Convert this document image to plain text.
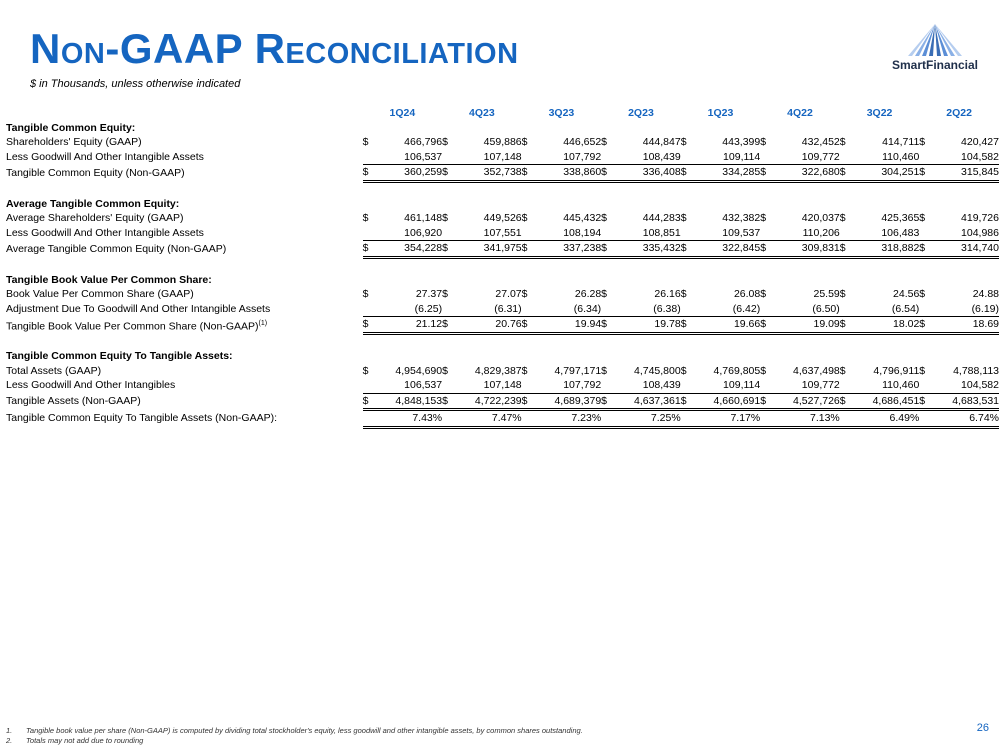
Non-GAAP Reconciliation
$ in Thousands, unless otherwise indicated
SmartFinancial
	1Q24		4Q23		3Q23		2Q23		1Q23		4Q22		3Q22		2Q22	
Tangible Common Equity:																
Shareholders' Equity (GAAP)	$	466,796	$	459,886	$	446,652	$	444,847	$	443,399	$	432,452	$	414,711	$	420,427
Less Goodwill And Other Intangible Assets		106,537		107,148		107,792		108,439		109,114		109,772		110,460		104,582
Tangible Common Equity (Non-GAAP)	$	360,259	$	352,738	$	338,860	$	336,408	$	334,285	$	322,680	$	304,251	$	315,845

Average Tangible Common Equity:																
Average Shareholders' Equity (GAAP)	$	461,148	$	449,526	$	445,432	$	444,283	$	432,382	$	420,037	$	425,365	$	419,726
Less Goodwill And Other Intangible Assets		106,920		107,551		108,194		108,851		109,537		110,206		106,483		104,986
Average Tangible Common Equity (Non-GAAP)	$	354,228	$	341,975	$	337,238	$	335,432	$	322,845	$	309,831	$	318,882	$	314,740

Tangible Book Value Per Common Share:																
Book Value Per Common Share (GAAP)	$	27.37	$	27.07	$	26.28	$	26.16	$	26.08	$	25.59	$	24.56	$	24.88
Adjustment Due To Goodwill And Other Intangible Assets		(6.25)		(6.31)		(6.34)		(6.38)		(6.42)		(6.50)		(6.54)		(6.19)
Tangible Book Value Per Common Share (Non-GAAP)$^{(1)}$	$	21.12	$	20.76	$	19.94	$	19.78	$	19.66	$	19.09	$	18.02	$	18.69

Tangible Common Equity To Tangible Assets:																
Total Assets (GAAP)	$	4,954,690	$	4,829,387	$	4,797,171	$	4,745,800	$	4,769,805	$	4,637,498	$	4,796,911	$	4,788,113
Less Goodwill And Other Intangibles		106,537		107,148		107,792		108,439		109,114		109,772		110,460		104,582
Tangible Assets (Non-GAAP)	$	4,848,153	$	4,722,239	$	4,689,379	$	4,637,361	$	4,660,691	$	4,527,726	$	4,686,451	$	4,683,531
Tangible Common Equity To Tangible Assets (Non-GAAP):		7.43%		7.47%		7.23%		7.25%		7.17%		7.13%		6.49%		6.74%
1. Tangible book value per share (Non-GAAP) is computed by dividing total stockholder's equity, less goodwill and other intangible assets, by common shares outstanding.
2. Totals may not add due to rounding
26
